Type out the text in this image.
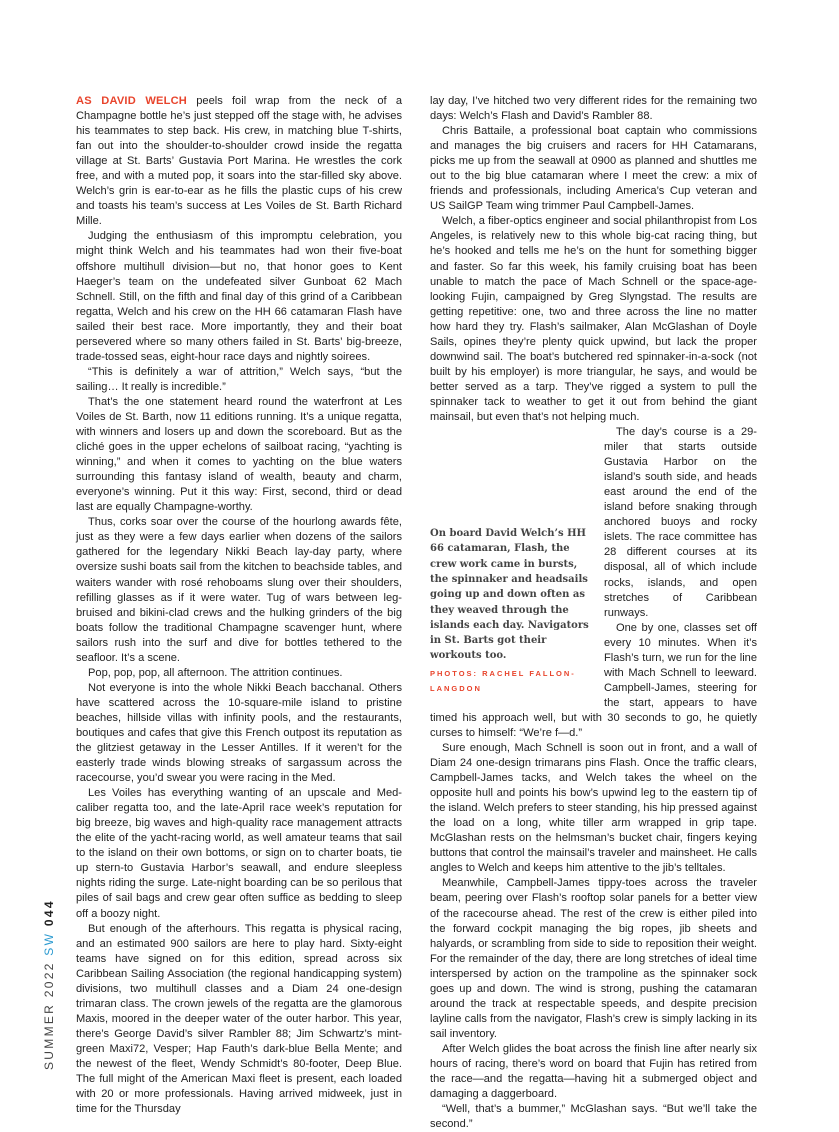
AS DAVID WELCH peels foil wrap from the neck of a Champagne bottle he’s just stepped off the stage with, he advises his teammates to step back. His crew, in matching blue T-shirts, fan out into the shoulder-to-shoulder crowd inside the regatta village at St. Barts’ Gustavia Port Marina. He wrestles the cork free, and with a muted pop, it soars into the star-filled sky above. Welch’s grin is ear-to-ear as he fills the plastic cups of his crew and toasts his team’s success at Les Voiles de St. Barth Richard Mille.

Judging the enthusiasm of this impromptu celebration, you might think Welch and his teammates had won their five-boat offshore multihull division—but no, that honor goes to Kent Haeger’s team on the undefeated silver Gunboat 62 Mach Schnell. Still, on the fifth and final day of this grind of a Caribbean regatta, Welch and his crew on the HH 66 catamaran Flash have sailed their best race. More importantly, they and their boat persevered where so many others failed in St. Barts’ big-breeze, trade-tossed seas, eight-hour race days and nightly soirees.

“This is definitely a war of attrition,” Welch says, “but the sailing… It really is incredible.”

That’s the one statement heard round the waterfront at Les Voiles de St. Barth, now 11 editions running. It’s a unique regatta, with winners and losers up and down the scoreboard. But as the cliché goes in the upper echelons of sailboat racing, “yachting is winning,” and when it comes to yachting on the blue waters surrounding this fantasy island of wealth, beauty and charm, everyone’s winning. Put it this way: First, second, third or dead last are equally Champagne-worthy.

Thus, corks soar over the course of the hourlong awards fête, just as they were a few days earlier when dozens of the sailors gathered for the legendary Nikki Beach lay-day party, where oversize sushi boats sail from the kitchen to beachside tables, and waiters wander with rosé rehoboams slung over their shoulders, refilling glasses as if it were water. Tug of wars between leg-bruised and bikini-clad crews and the hulking grinders of the big boats follow the traditional Champagne scavenger hunt, where sailors rush into the surf and dive for bottles tethered to the seafloor. It’s a scene.

Pop, pop, pop, all afternoon. The attrition continues.

Not everyone is into the whole Nikki Beach bacchanal. Others have scattered across the 10-square-mile island to pristine beaches, hillside villas with infinity pools, and the restaurants, boutiques and cafes that give this French outpost its reputation as the glitziest getaway in the Lesser Antilles. If it weren’t for the easterly trade winds blowing streaks of sargassum across the racecourse, you’d swear you were racing in the Med.

Les Voiles has everything wanting of an upscale and Med-caliber regatta too, and the late-April race week’s reputation for big breeze, big waves and high-quality race management attracts the elite of the yacht-racing world, as well amateur teams that sail to the island on their own bottoms, or sign on to charter boats, tie up stern-to Gustavia Harbor’s seawall, and endure sleepless nights riding the surge. Late-night boarding can be so perilous that piles of sail bags and crew gear often suffice as bedding to sleep off a boozy night.

But enough of the afterhours. This regatta is physical racing, and an estimated 900 sailors are here to play hard. Sixty-eight teams have signed on for this edition, spread across six Caribbean Sailing Association (the regional handicapping system) divisions, two multihull classes and a Diam 24 one-design trimaran class. The crown jewels of the regatta are the glamorous Maxis, moored in the deeper water of the outer harbor. This year, there’s George David’s silver Rambler 88; Jim Schwartz’s mint-green Maxi72, Vesper; Hap Fauth’s dark-blue Bella Mente; and the newest of the fleet, Wendy Schmidt’s 80-footer, Deep Blue. The full might of the American Maxi fleet is present, each loaded with 20 or more professionals. Having arrived midweek, just in time for the Thursday

lay day, I’ve hitched two very different rides for the remaining two days: Welch’s Flash and David’s Rambler 88.

Chris Battaile, a professional boat captain who commissions and manages the big cruisers and racers for HH Catamarans, picks me up from the seawall at 0900 as planned and shuttles me out to the big blue catamaran where I meet the crew: a mix of friends and professionals, including America’s Cup veteran and US SailGP Team wing trimmer Paul Campbell-James.

Welch, a fiber-optics engineer and social philanthropist from Los Angeles, is relatively new to this whole big-cat racing thing, but he’s hooked and tells me he’s on the hunt for something bigger and faster. So far this week, his family cruising boat has been unable to match the pace of Mach Schnell or the space-age-looking Fujin, campaigned by Greg Slyngstad. The results are getting repetitive: one, two and three across the line no matter how hard they try. Flash’s sailmaker, Alan McGlashan of Doyle Sails, opines they’re plenty quick upwind, but lack the proper downwind sail. The boat’s butchered red spinnaker-in-a-sock (not built by his employer) is more triangular, he says, and would be better served as a tarp. They’ve rigged a system to pull the spinnaker tack to weather to get it out from behind the giant mainsail, but even that’s not helping much.

On board David Welch’s HH 66 catamaran, Flash, the crew work came in bursts, the spinnaker and headsails going up and down often as they weaved through the islands each day. Navigators in St. Barts got their workouts too.
PHOTOS: RACHEL FALLON-LANGDON

The day’s course is a 29-miler that starts outside Gustavia Harbor on the island’s south side, and heads east around the end of the island before snaking through anchored buoys and rocky islets. The race committee has 28 different courses at its disposal, all of which include rocks, islands, and open stretches of Caribbean runways.

One by one, classes set off every 10 minutes. When it’s Flash’s turn, we run for the line with Mach Schnell to leeward. Campbell-James, steering for the start, appears to have timed his approach well, but with 30 seconds to go, he quietly curses to himself: “We’re f—d.”

Sure enough, Mach Schnell is soon out in front, and a wall of Diam 24 one-design trimarans pins Flash. Once the traffic clears, Campbell-James tacks, and Welch takes the wheel on the opposite hull and points his bow’s upwind leg to the eastern tip of the island. Welch prefers to steer standing, his hip pressed against the load on a long, white tiller arm wrapped in grip tape. McGlashan rests on the helmsman’s bucket chair, fingers keying buttons that control the mainsail’s traveler and mainsheet. He calls angles to Welch and keeps him attentive to the jib’s telltales.

Meanwhile, Campbell-James tippy-toes across the traveler beam, peering over Flash’s rooftop solar panels for a better view of the racecourse ahead. The rest of the crew is either piled into the forward cockpit managing the big ropes, jib sheets and halyards, or scrambling from side to side to reposition their weight. For the remainder of the day, there are long stretches of ideal time interspersed by action on the trampoline as the spinnaker sock goes up and down. The wind is strong, pushing the catamaran around the track at respectable speeds, and despite precision layline calls from the navigator, Flash’s crew is simply lacking in its sail inventory.

After Welch glides the boat across the finish line after nearly six hours of racing, there’s word on board that Fujin has retired from the race—and the regatta—having hit a submerged object and damaging a daggerboard.

“Well, that’s a bummer,” McGlashan says. “But we’ll take the second.”

SUMMER 2022 SW 044
